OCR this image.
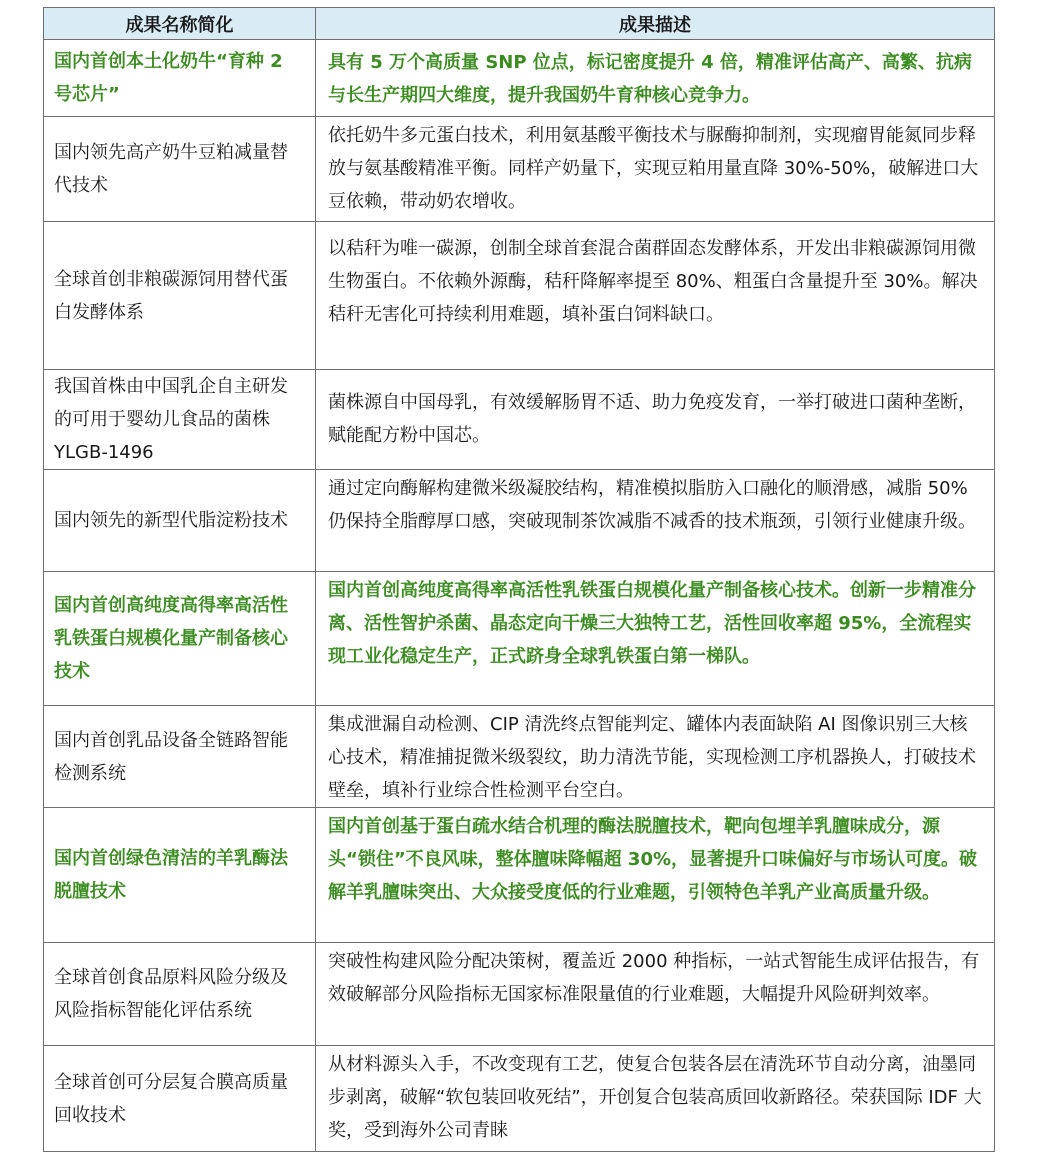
成果名称简化	成果描述
国内首创本土化奶牛“育种 2 号芯片”	具有 5 万个高质量 SNP 位点，标记密度提升 4 倍，精准评估高产、高繁、抗病与长生产期四大维度，提升我国奶牛育种核心竞争力。
国内领先高产奶牛豆粕减量替代技术	依托奶牛多元蛋白技术，利用氨基酸平衡技术与脲酶抑制剂，实现瘤胃能氮同步释放与氨基酸精准平衡。同样产奶量下，实现豆粕用量直降 30%-50%，破解进口大豆依赖，带动奶农增收。
全球首创非粮碳源饲用替代蛋白发酵体系	以秸秆为唯一碳源，创制全球首套混合菌群固态发酵体系，开发出非粮碳源饲用微生物蛋白。不依赖外源酶，秸秆降解率提至 80%、粗蛋白含量提升至 30%。解决秸秆无害化可持续利用难题，填补蛋白饲料缺口。
我国首株由中国乳企自主研发的可用于婴幼儿食品的菌株 YLGB-1496	菌株源自中国母乳，有效缓解肠胃不适、助力免疫发育，一举打破进口菌种垄断，赋能配方粉中国芯。
国内领先的新型代脂淀粉技术	通过定向酶解构建微米级凝胶结构，精准模拟脂肪入口融化的顺滑感，减脂 50%仍保持全脂醇厚口感，突破现制茶饮减脂不减香的技术瓶颈，引领行业健康升级。
国内首创高纯度高得率高活性乳铁蛋白规模化量产制备核心技术	国内首创高纯度高得率高活性乳铁蛋白规模化量产制备核心技术。创新一步精准分离、活性智护杀菌、晶态定向干燥三大独特工艺，活性回收率超 95%，全流程实现工业化稳定生产，正式跻身全球乳铁蛋白第一梯队。
国内首创乳品设备全链路智能检测系统	集成泄漏自动检测、CIP 清洗终点智能判定、罐体内表面缺陷 AI 图像识别三大核心技术，精准捕捉微米级裂纹，助力清洗节能，实现检测工序机器换人，打破技术壁垒，填补行业综合性检测平台空白。
国内首创绿色清洁的羊乳酶法脱膻技术	国内首创基于蛋白疏水结合机理的酶法脱膻技术，靶向包埋羊乳膻味成分，源头“锁住”不良风味，整体膻味降幅超 30%，显著提升口味偏好与市场认可度。破解羊乳膻味突出、大众接受度低的行业难题，引领特色羊乳产业高质量升级。
全球首创食品原料风险分级及风险指标智能化评估系统	突破性构建风险分配决策树，覆盖近 2000 种指标，一站式智能生成评估报告，有效破解部分风险指标无国家标准限量值的行业难题，大幅提升风险研判效率。
全球首创可分层复合膜高质量回收技术	从材料源头入手，不改变现有工艺，使复合包装各层在清洗环节自动分离，油墨同步剥离，破解“软包装回收死结”，开创复合包装高质回收新路径。荣获国际 IDF 大奖，受到海外公司青睐
